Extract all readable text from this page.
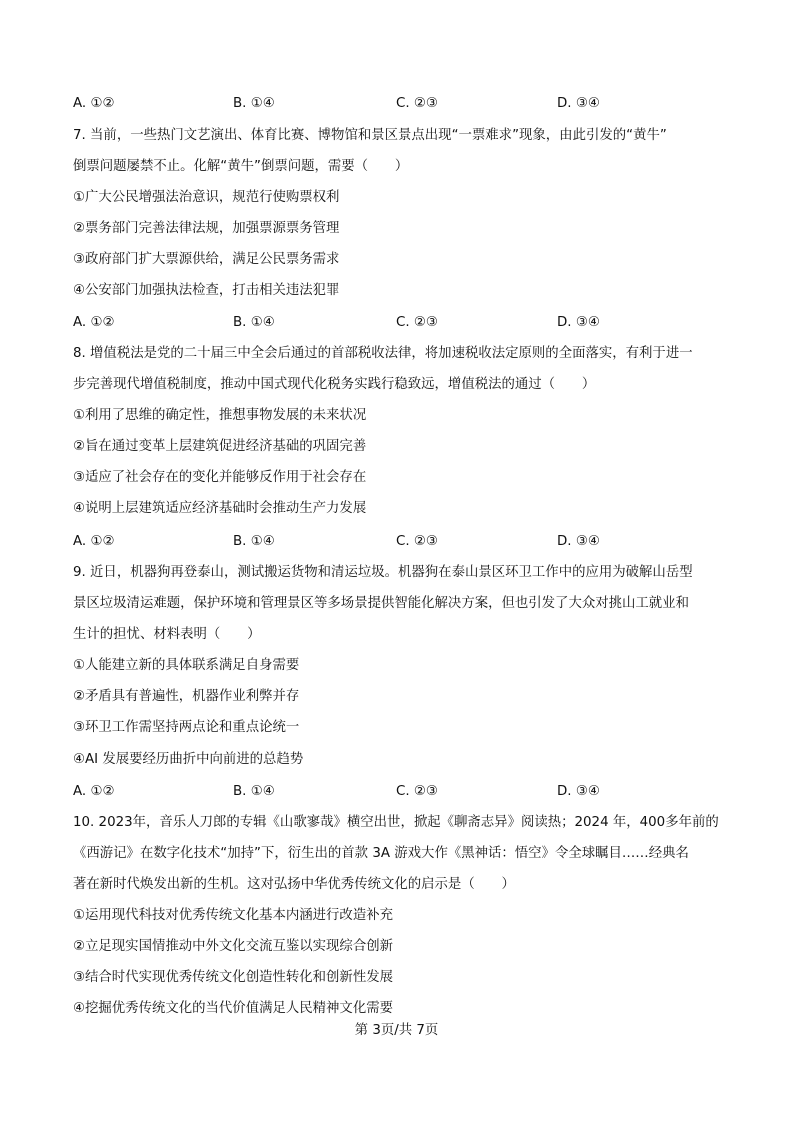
A. ①②	B. ①④	C. ②③	D. ③④
7. 当前，一些热门文艺演出、体育比赛、博物馆和景区景点出现“一票难求”现象，由此引发的“黄牛”
倒票问题屡禁不止。化解“黄牛”倒票问题，需要（　　）
①广大公民增强法治意识，规范行使购票权利
②票务部门完善法律法规，加强票源票务管理
③政府部门扩大票源供给，满足公民票务需求
④公安部门加强执法检查，打击相关违法犯罪
A. ①②	B. ①④	C. ②③	D. ③④
8. 增值税法是党的二十届三中全会后通过的首部税收法律，将加速税收法定原则的全面落实，有利于进一
步完善现代增值税制度，推动中国式现代化税务实践行稳致远，增值税法的通过（　　）
①利用了思维的确定性，推想事物发展的未来状况
②旨在通过变革上层建筑促进经济基础的巩固完善
③适应了社会存在的变化并能够反作用于社会存在
④说明上层建筑适应经济基础时会推动生产力发展
A. ①②	B. ①④	C. ②③	D. ③④
9. 近日，机器狗再登泰山，测试搬运货物和清运垃圾。机器狗在泰山景区环卫工作中的应用为破解山岳型
景区垃圾清运难题，保护环境和管理景区等多场景提供智能化解决方案，但也引发了大众对挑山工就业和
生计的担忧、材料表明（　　）
①人能建立新的具体联系满足自身需要
②矛盾具有普遍性，机器作业利弊并存
③环卫工作需坚持两点论和重点论统一
④AI 发展要经历曲折中向前进的总趋势
A. ①②	B. ①④	C. ②③	D. ③④
10. 2023年，音乐人刀郎的专辑《山歌寥哉》横空出世，掀起《聊斋志异》阅读热；2024 年，400多年前的
《西游记》在数字化技术“加持”下，衍生出的首款 3A 游戏大作《黑神话：悟空》令全球瞩目……经典名
著在新时代焕发出新的生机。这对弘扬中华优秀传统文化的启示是（　　）
①运用现代科技对优秀传统文化基本内涵进行改造补充
②立足现实国情推动中外文化交流互鉴以实现综合创新
③结合时代实现优秀传统文化创造性转化和创新性发展
④挖掘优秀传统文化的当代价值满足人民精神文化需要
第 3页/共 7页
